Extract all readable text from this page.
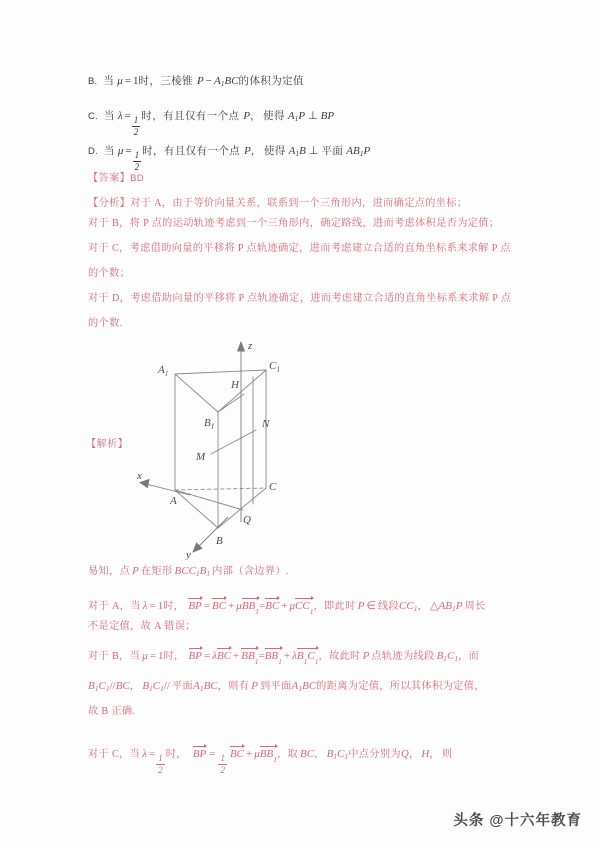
B. 当 μ = 1 时，三棱锥 P − A 1 BC 的体积为定值
C. 当 $\lambda = \frac{1}{2}$ 时，有且仅有一个点 P ， 使得 A 1 P ⊥ BP
D. 当 $\mu = \frac{1}{2}$ 时，有且仅有一个点 P ， 使得 A 1 B ⊥ 平面 AB 1 P
【答案】 BD
【分析】 对于 A，由于等价向量关系，联系到一个三角形内，进而确定点的坐标；
对于 B，将 P 点的运动轨迹考虑到一个三角形内，确定路线，进而考虑体积是否为定值；
对于 C，考虑借助向量的平移将 P 点轨迹确定，进而考虑建立合适的直角坐标系来求解 P 点
的个数；
对于 D，考虑借助向量的平移将 P 点轨迹确定，进而考虑建立合适的直角坐标系来求解 P 点
的个数.
【解析】
z
x
y
$A_1$
$C_1$
$B_1$
H
N
M
A
C
Q
B
易知，点 P 在矩形 BCC 1 B 1 内部（含边界）.
对于 A，当 λ = 1 时， BP = BC + μ $BB_1$ = BC + μ $CC_1$ ，即此时 P ∈ 线段 CC 1 ， △ AB 1 P 周长
不是定值，故 A 错误；
对于 B，当 μ = 1 时， BP = λ BC + $BB_1 = BB_1 + \lambda$ $B_1C_1$ ，故此时 P 点轨迹为线段 B 1 C 1 ，而
B 1 C 1 // BC ， B 1 C 1 // 平面 A 1 BC ，则有 P 到平面 A 1 BC 的距离为定值，所以其体积为定值，
故 B 正确.
对于 C，当 $\lambda = \frac{1}{2}$ 时， BP = $\frac{1}{2}$ BC + μ $BB_1$ ，取 BC ， B 1 C 1 中点分别为 Q ， H ， 则
头条 @十六年教育
